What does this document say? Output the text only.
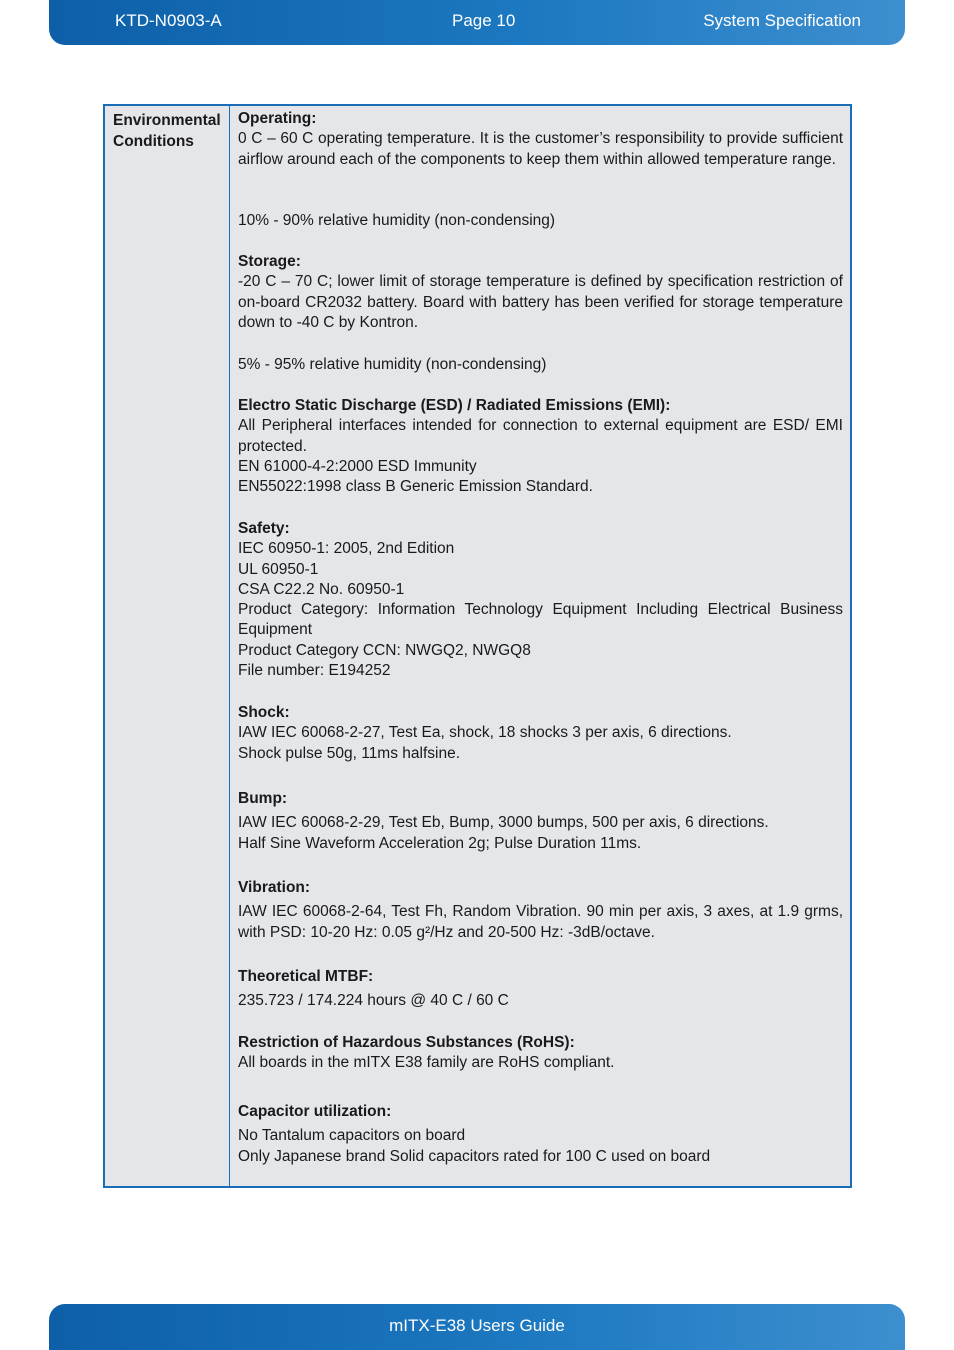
KTD-N0903-A	Page 10	System Specification
Environmental
Conditions

Operating:

0 C – 60 C operating temperature. It is the customer’s responsibility to provide sufficient airflow around each of the components to keep them within allowed temperature range.

10% - 90% relative humidity (non-condensing)

Storage:

-20 C – 70 C; lower limit of storage temperature is defined by specification restriction of on-board CR2032 battery. Board with battery has been verified for storage temperature down to -40 C by Kontron.

5% - 95% relative humidity (non-condensing)

Electro Static Discharge (ESD) / Radiated Emissions (EMI):

All Peripheral interfaces intended for connection to external equipment are ESD/ EMI protected.

EN 61000-4-2:2000 ESD Immunity

EN55022:1998 class B Generic Emission Standard.

Safety:

IEC 60950-1: 2005, 2nd Edition

UL 60950-1

CSA C22.2 No. 60950-1

Product Category: Information Technology Equipment Including Electrical Business Equipment

Product Category CCN: NWGQ2, NWGQ8

File number: E194252

Shock:

IAW IEC 60068-2-27, Test Ea, shock, 18 shocks 3 per axis, 6 directions.

Shock pulse 50g, 11ms halfsine.

Bump:

IAW IEC 60068-2-29, Test Eb, Bump, 3000 bumps, 500 per axis, 6 directions.

Half Sine Waveform Acceleration 2g; Pulse Duration 11ms.

Vibration:

IAW IEC 60068-2-64, Test Fh, Random Vibration. 90 min per axis, 3 axes, at 1.9 grms, with PSD: 10-20 Hz: 0.05 g²/Hz and 20-500 Hz: -3dB/octave.

Theoretical MTBF:

235.723 / 174.224 hours @ 40 C / 60 C

Restriction of Hazardous Substances (RoHS):

All boards in the mITX E38 family are RoHS compliant.

Capacitor utilization:

No Tantalum capacitors on board

Only Japanese brand Solid capacitors rated for 100 C used on board

mITX-E38 Users Guide
